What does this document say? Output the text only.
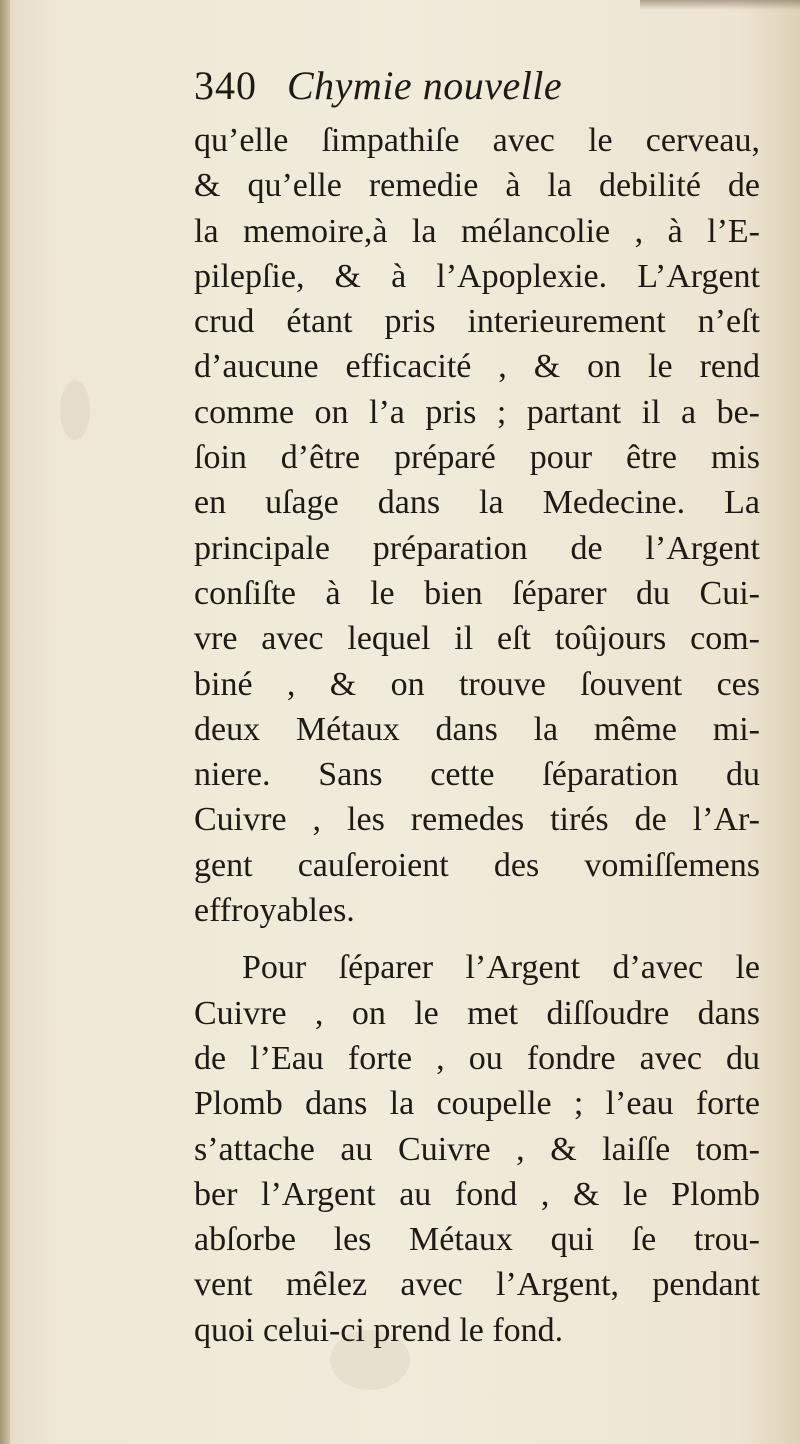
340 Chymie nouvelle
qu’elle ſimpathiſe avec le cerveau,
& qu’elle remedie à la debilité de
la memoire,à la mélancolie , à l’E-
pilepſie, & à l’Apoplexie. L’Argent
crud étant pris interieurement n’eſt
d’aucune efficacité , & on le rend
comme on l’a pris ; partant il a be-
ſoin d’être préparé pour être mis
en uſage dans la Medecine. La
principale préparation de l’Argent
conſiſte à le bien ſéparer du Cui-
vre avec lequel il eſt toûjours com-
biné , & on trouve ſouvent ces
deux Métaux dans la même mi-
niere. Sans cette ſéparation du
Cuivre , les remedes tirés de l’Ar-
gent cauſeroient des vomiſſemens
effroyables.
Pour ſéparer l’Argent d’avec le
Cuivre , on le met diſſoudre dans
de l’Eau forte , ou fondre avec du
Plomb dans la coupelle ; l’eau forte
s’attache au Cuivre , & laiſſe tom-
ber l’Argent au fond , & le Plomb
abſorbe les Métaux qui ſe trou-
vent mêlez avec l’Argent, pendant
quoi celui-ci prend le fond.
